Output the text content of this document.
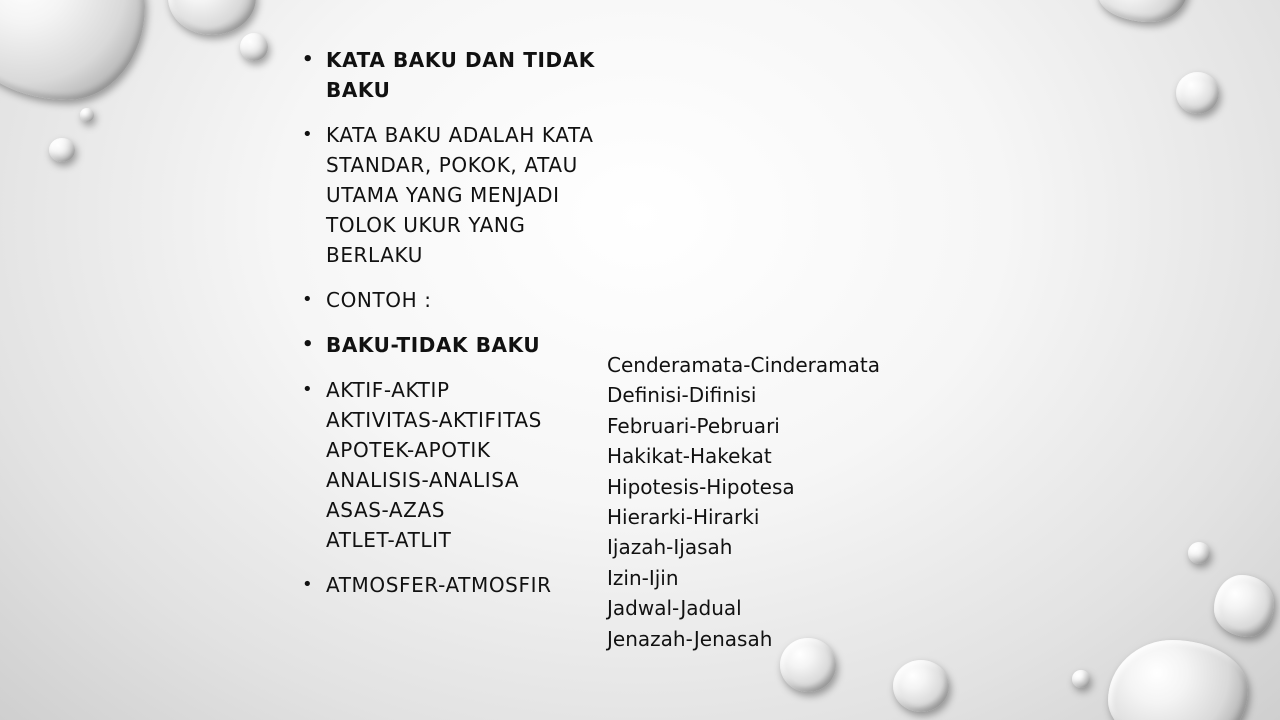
• KATA BAKU DAN TIDAK
BAKU
• KATA BAKU ADALAH KATA
STANDAR, POKOK, ATAU
UTAMA YANG MENJADI
TOLOK UKUR YANG
BERLAKU
• CONTOH :
• BAKU-TIDAK BAKU
• AKTIF-AKTIP
AKTIVITAS-AKTIFITAS
APOTEK-APOTIK
ANALISIS-ANALISA
ASAS-AZAS
ATLET-ATLIT
• ATMOSFER-ATMOSFIR
Cenderamata-Cinderamata
Definisi-Difinisi
Februari-Pebruari
Hakikat-Hakekat
Hipotesis-Hipotesa
Hierarki-Hirarki
Ijazah-Ijasah
Izin-Ijin
Jadwal-Jadual
Jenazah-Jenasah
